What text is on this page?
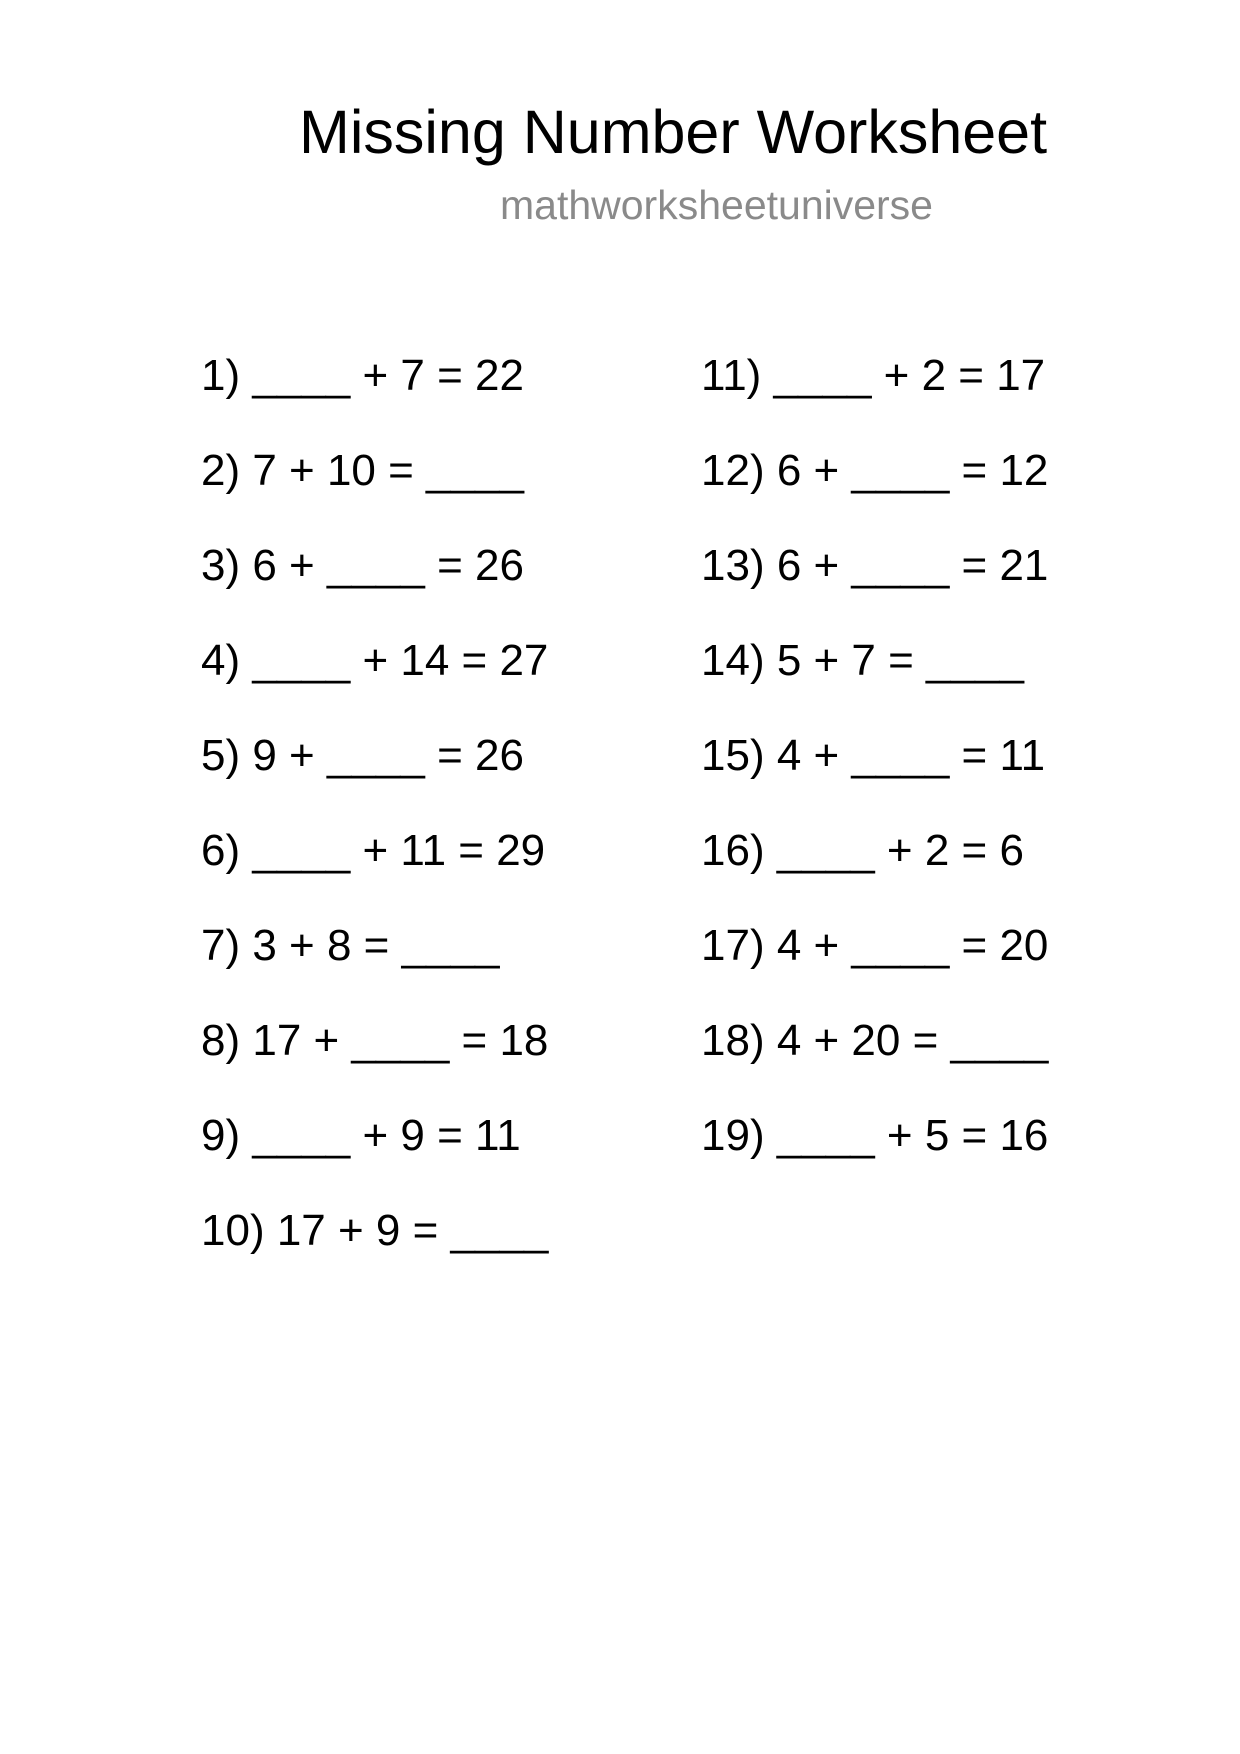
Missing Number Worksheet
mathworksheetuniverse
1) ____ + 7 = 22
2) 7 + 10 = ____
3) 6 + ____ = 26
4) ____ + 14 = 27
5) 9 + ____ = 26
6) ____ + 11 = 29
7) 3 + 8 = ____
8) 17 + ____ = 18
9) ____ + 9 = 11
10) 17 + 9 = ____
11) ____ + 2 = 17
12) 6 + ____ = 12
13) 6 + ____ = 21
14) 5 + 7 = ____
15) 4 + ____ = 11
16) ____ + 2 = 6
17) 4 + ____ = 20
18) 4 + 20 = ____
19) ____ + 5 = 16
